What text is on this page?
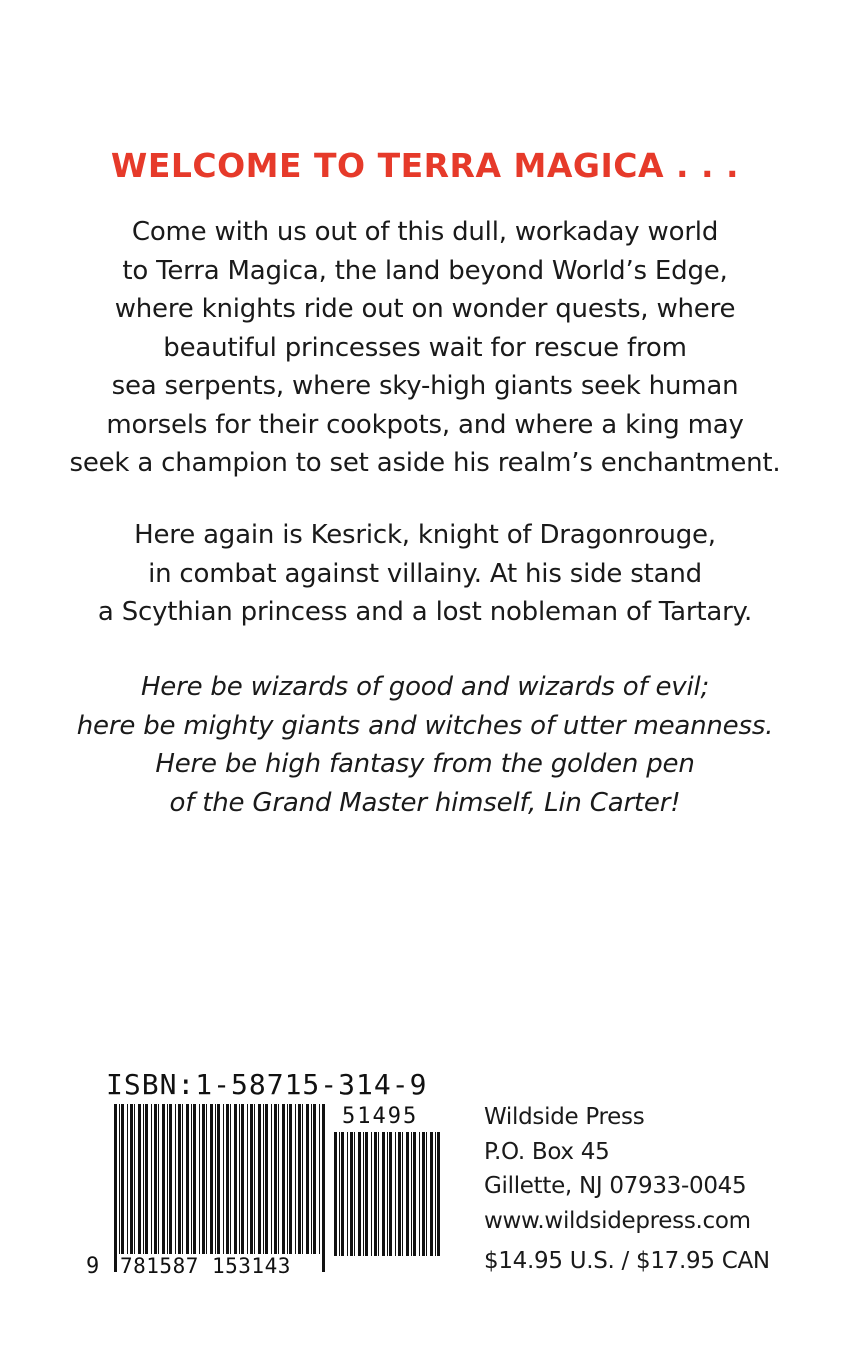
WELCOME TO TERRA MAGICA . . .
Come with us out of this dull, workaday world
to Terra Magica, the land beyond World’s Edge,
where knights ride out on wonder quests, where
beautiful princesses wait for rescue from
sea serpents, where sky-high giants seek human
morsels for their cookpots, and where a king may
seek a champion to set aside his realm’s enchantment.
Here again is Kesrick, knight of Dragonrouge,
in combat against villainy. At his side stand
a Scythian princess and a lost nobleman of Tartary.
Here be wizards of good and wizards of evil;
here be mighty giants and witches of utter meanness.
Here be high fantasy from the golden pen
of the Grand Master himself, Lin Carter!
ISBN:1-58715-314-9
51495
9 781587 153143
Wildside Press
P.O. Box 45
Gillette, NJ 07933-0045
www.wildsidepress.com
$14.95 U.S. / $17.95 CAN
